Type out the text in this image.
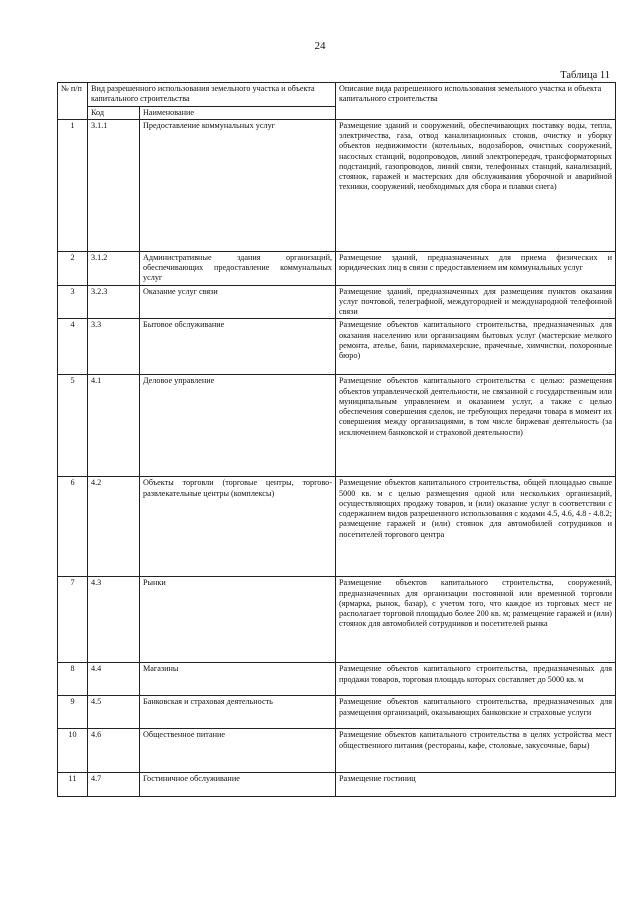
24
Таблица 11
№ п/п	Вид разрешенного использования земельного участка и объекта капитального строительства		Описание вида разрешенного использования земельного участка и объекта капитального строительства
	Код	Наименование	
1	3.1.1	Предоставление коммунальных услуг	Размещение зданий и сооружений, обеспечивающих поставку воды, тепла, электричества, газа, отвод канализационных стоков, очистку и уборку объектов недвижимости (котельных, водозаборов, очистных сооружений, насосных станций, водопроводов, линий электропередач, трансформаторных подстанций, газопроводов, линий связи, телефонных станций, канализаций, стоянок, гаражей и мастерских для обслуживания уборочной и аварийной техники, сооружений, необходимых для сбора и плавки снега)
2	3.1.2	Административные здания организаций, обеспечивающих предоставление коммунальных услуг	Размещение зданий, предназначенных для приема физических и юридических лиц в связи с предоставлением им коммунальных услуг
3	3.2.3	Оказание услуг связи	Размещение зданий, предназначенных для размещения пунктов оказания услуг почтовой, телеграфной, междугородней и международной телефонной связи
4	3.3	Бытовое обслуживание	Размещение объектов капитального строительства, предназначенных для оказания населению или организациям бытовых услуг (мастерские мелкого ремонта, ателье, бани, парикмахерские, прачечные, химчистки, похоронные бюро)
5	4.1	Деловое управление	Размещение объектов капитального строительства с целью: размещения объектов управленческой деятельности, не связанной с государственным или муниципальным управлением и оказанием услуг, а также с целью обеспечения совершения сделок, не требующих передачи товара в момент их совершения между организациями, в том числе биржевая деятельность (за исключением банковской и страховой деятельности)
6	4.2	Объекты торговли (торговые центры, торгово-развлекательные центры (комплексы)	Размещение объектов капитального строительства, общей площадью свыше 5000 кв. м с целью размещения одной или нескольких организаций, осуществляющих продажу товаров, и (или) оказание услуг в соответствии с содержанием видов разрешенного использования с кодами 4.5, 4.6, 4.8 - 4.8.2; размещение гаражей и (или) стоянок для автомобилей сотрудников и посетителей торгового центра
7	4.3	Рынки	Размещение объектов капитального строительства, сооружений, предназначенных для организации постоянной или временной торговли (ярмарка, рынок, базар), с учетом того, что каждое из торговых мест не располагает торговой площадью более 200 кв. м; размещение гаражей и (или) стоянок для автомобилей сотрудников и посетителей рынка
8	4.4	Магазины	Размещение объектов капитального строительства, предназначенных для продажи товаров, торговая площадь которых составляет до 5000 кв. м
9	4.5	Банковская и страховая деятельность	Размещение объектов капитального строительства, предназначенных для размещения организаций, оказывающих банковские и страховые услуги
10	4.6	Общественное питание	Размещение объектов капитального строительства в целях устройства мест общественного питания (рестораны, кафе, столовые, закусочные, бары)
11	4.7	Гостиничное обслуживание	Размещение гостиниц
